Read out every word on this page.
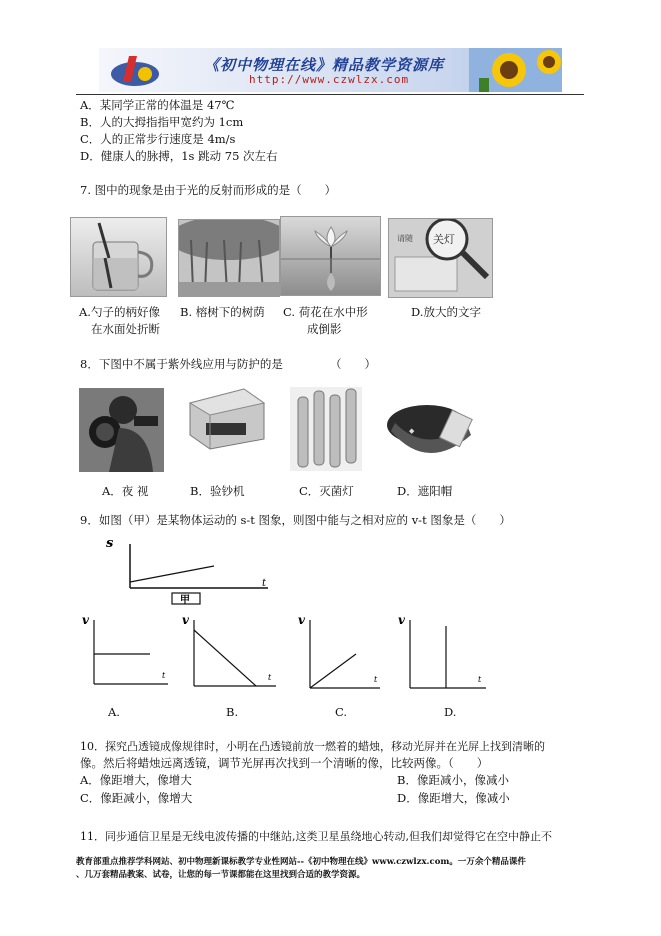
《初中物理在线》精品教学资源库
http://www.czwlzx.com
A．某同学正常的体温是 47℃
B．人的大拇指指甲宽约为 1cm
C．人的正常步行速度是 4m/s
D．健康人的脉搏，1s 跳动 75 次左右
7. 图中的现象是由于光的反射而形成的是（　　）
请随 关灯
A.勺子的柄好像
在水面处折断
B. 榕树下的树荫 C. 荷花在水中形
成倒影
D.放大的文字
8．下图中不属于紫外线应用与防护的是	（　　）
◆
A．夜 视	B．验钞机	C．灭菌灯	D．遮阳帽
9．如图（甲）是某物体运动的 s-t 图象，则图中能与之相对应的 v-t 图象是（　　）
s
t
甲
v
t
v
t
v
t
v
t
A.	B.	C.	D.
10．探究凸透镜成像规律时，小明在凸透镜前放一燃着的蜡烛，移动光屏并在光屏上找到清晰的
像。然后将蜡烛远离透镜，调节光屏再次找到一个清晰的像，比较两像。（　　）
A．像距增大，像增大	B．像距减小，像减小
C．像距减小，像增大	D．像距增大，像减小
11．同步通信卫星是无线电波传播的中继站,这类卫星虽绕地心转动,但我们却觉得它在空中静止不
教育部重点推荐学科网站、初中物理新课标教学专业性网站--《初中物理在线》www.czwlzx.com。一万余个精品课件
、几万套精品教案、试卷，让您的每一节课都能在这里找到合适的教学资源。
